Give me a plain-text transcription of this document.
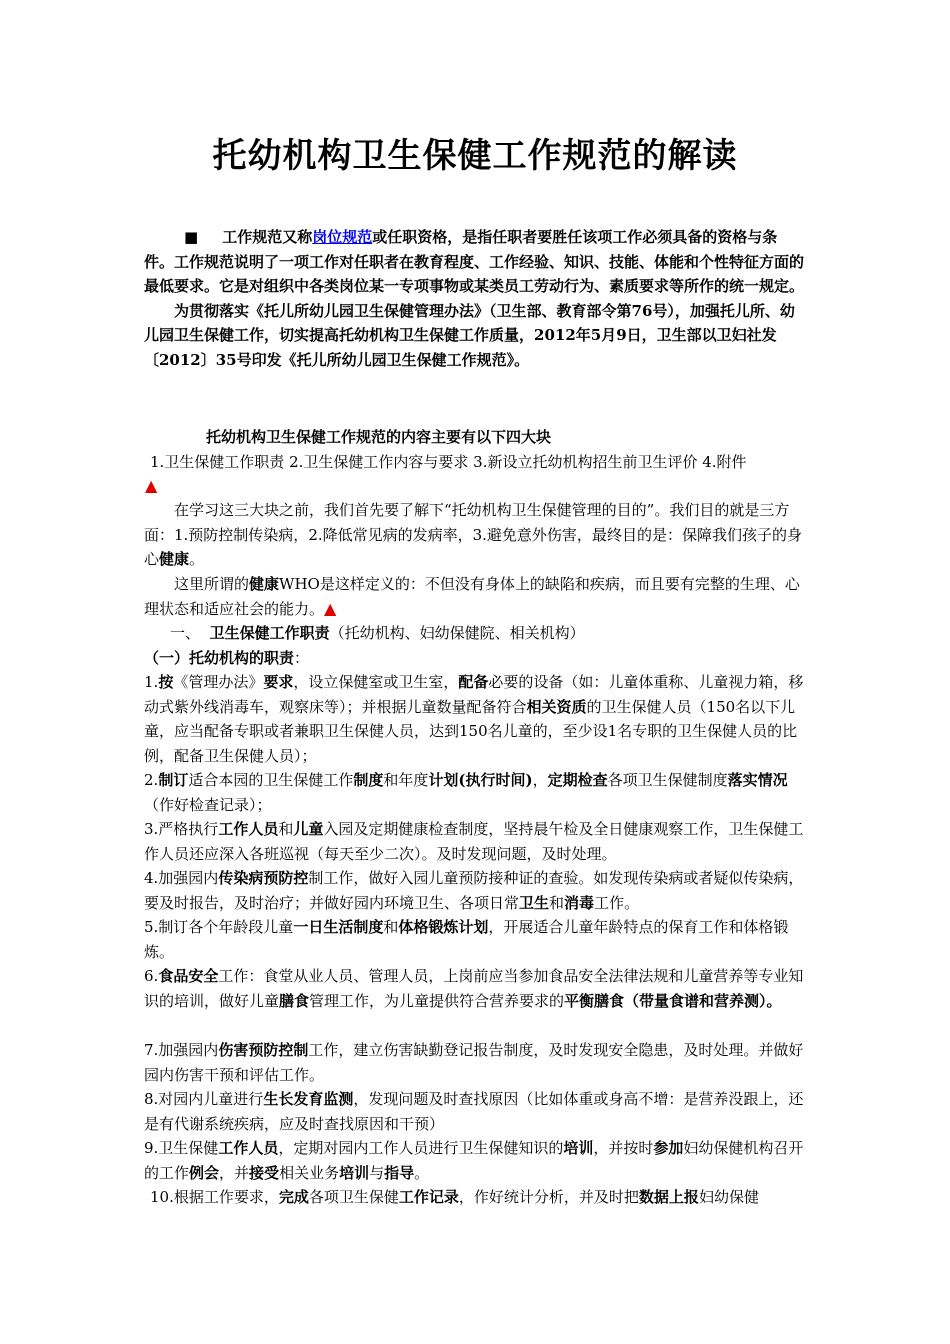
托幼机构卫生保健工作规范的解读

■ 工作规范又称岗位规范或任职资格，是指任职者要胜任该项工作必须具备的资格与条件。工作规范说明了一项工作对任职者在教育程度、工作经验、知识、技能、体能和个性特征方面的最低要求。它是对组织中各类岗位某一专项事物或某类员工劳动行为、素质要求等所作的统一规定。

为贯彻落实《托儿所幼儿园卫生保健管理办法》（卫生部、教育部令第76号），加强托儿所、幼儿园卫生保健工作，切实提高托幼机构卫生保健工作质量，2012年5月9日，卫生部以卫妇社发〔2012〕35号印发《托儿所幼儿园卫生保健工作规范》。

托幼机构卫生保健工作规范的内容主要有以下四大块
1.卫生保健工作职责 2.卫生保健工作内容与要求 3.新设立托幼机构招生前卫生评价 4.附件
▲
在学习这三大块之前，我们首先要了解下“托幼机构卫生保健管理的目的”。我们目的就是三方面：1.预防控制传染病，2.降低常见病的发病率，3.避免意外伤害，最终目的是：保障我们孩子的身心健康。
这里所谓的健康WHO是这样定义的：不但没有身体上的缺陷和疾病，而且要有完整的生理、心理状态和适应社会的能力。▲
一、 卫生保健工作职责（托幼机构、妇幼保健院、相关机构）
（一）托幼机构的职责：
1.按《管理办法》要求，设立保健室或卫生室，配备必要的设备（如：儿童体重称、儿童视力箱，移动式紫外线消毒车，观察床等）；并根据儿童数量配备符合相关资质的卫生保健人员（150名以下儿童，应当配备专职或者兼职卫生保健人员，达到150名儿童的，至少设1名专职的卫生保健人员的比例，配备卫生保健人员）；
2.制订适合本园的卫生保健工作制度和年度计划(执行时间)，定期检查各项卫生保健制度落实情况（作好检查记录）；
3.严格执行工作人员和儿童入园及定期健康检查制度，坚持晨午检及全日健康观察工作，卫生保健工作人员还应深入各班巡视（每天至少二次）。及时发现问题，及时处理。
4.加强园内传染病预防控制工作，做好入园儿童预防接种证的查验。如发现传染病或者疑似传染病，要及时报告，及时治疗；并做好园内环境卫生、各项日常卫生和消毒工作。
5.制订各个年龄段儿童一日生活制度和体格锻炼计划，开展适合儿童年龄特点的保育工作和体格锻炼。
6.食品安全工作：食堂从业人员、管理人员，上岗前应当参加食品安全法律法规和儿童营养等专业知识的培训，做好儿童膳食管理工作，为儿童提供符合营养要求的平衡膳食（带量食谱和营养测）。
7.加强园内伤害预防控制工作，建立伤害缺勤登记报告制度，及时发现安全隐患，及时处理。并做好园内伤害干预和评估工作。
8.对园内儿童进行生长发育监测，发现问题及时查找原因（比如体重或身高不增：是营养没跟上，还是有代谢系统疾病，应及时查找原因和干预）
9.卫生保健工作人员，定期对园内工作人员进行卫生保健知识的培训，并按时参加妇幼保健机构召开的工作例会，并接受相关业务培训与指导。
10.根据工作要求，完成各项卫生保健工作记录，作好统计分析，并及时把数据上报妇幼保健
